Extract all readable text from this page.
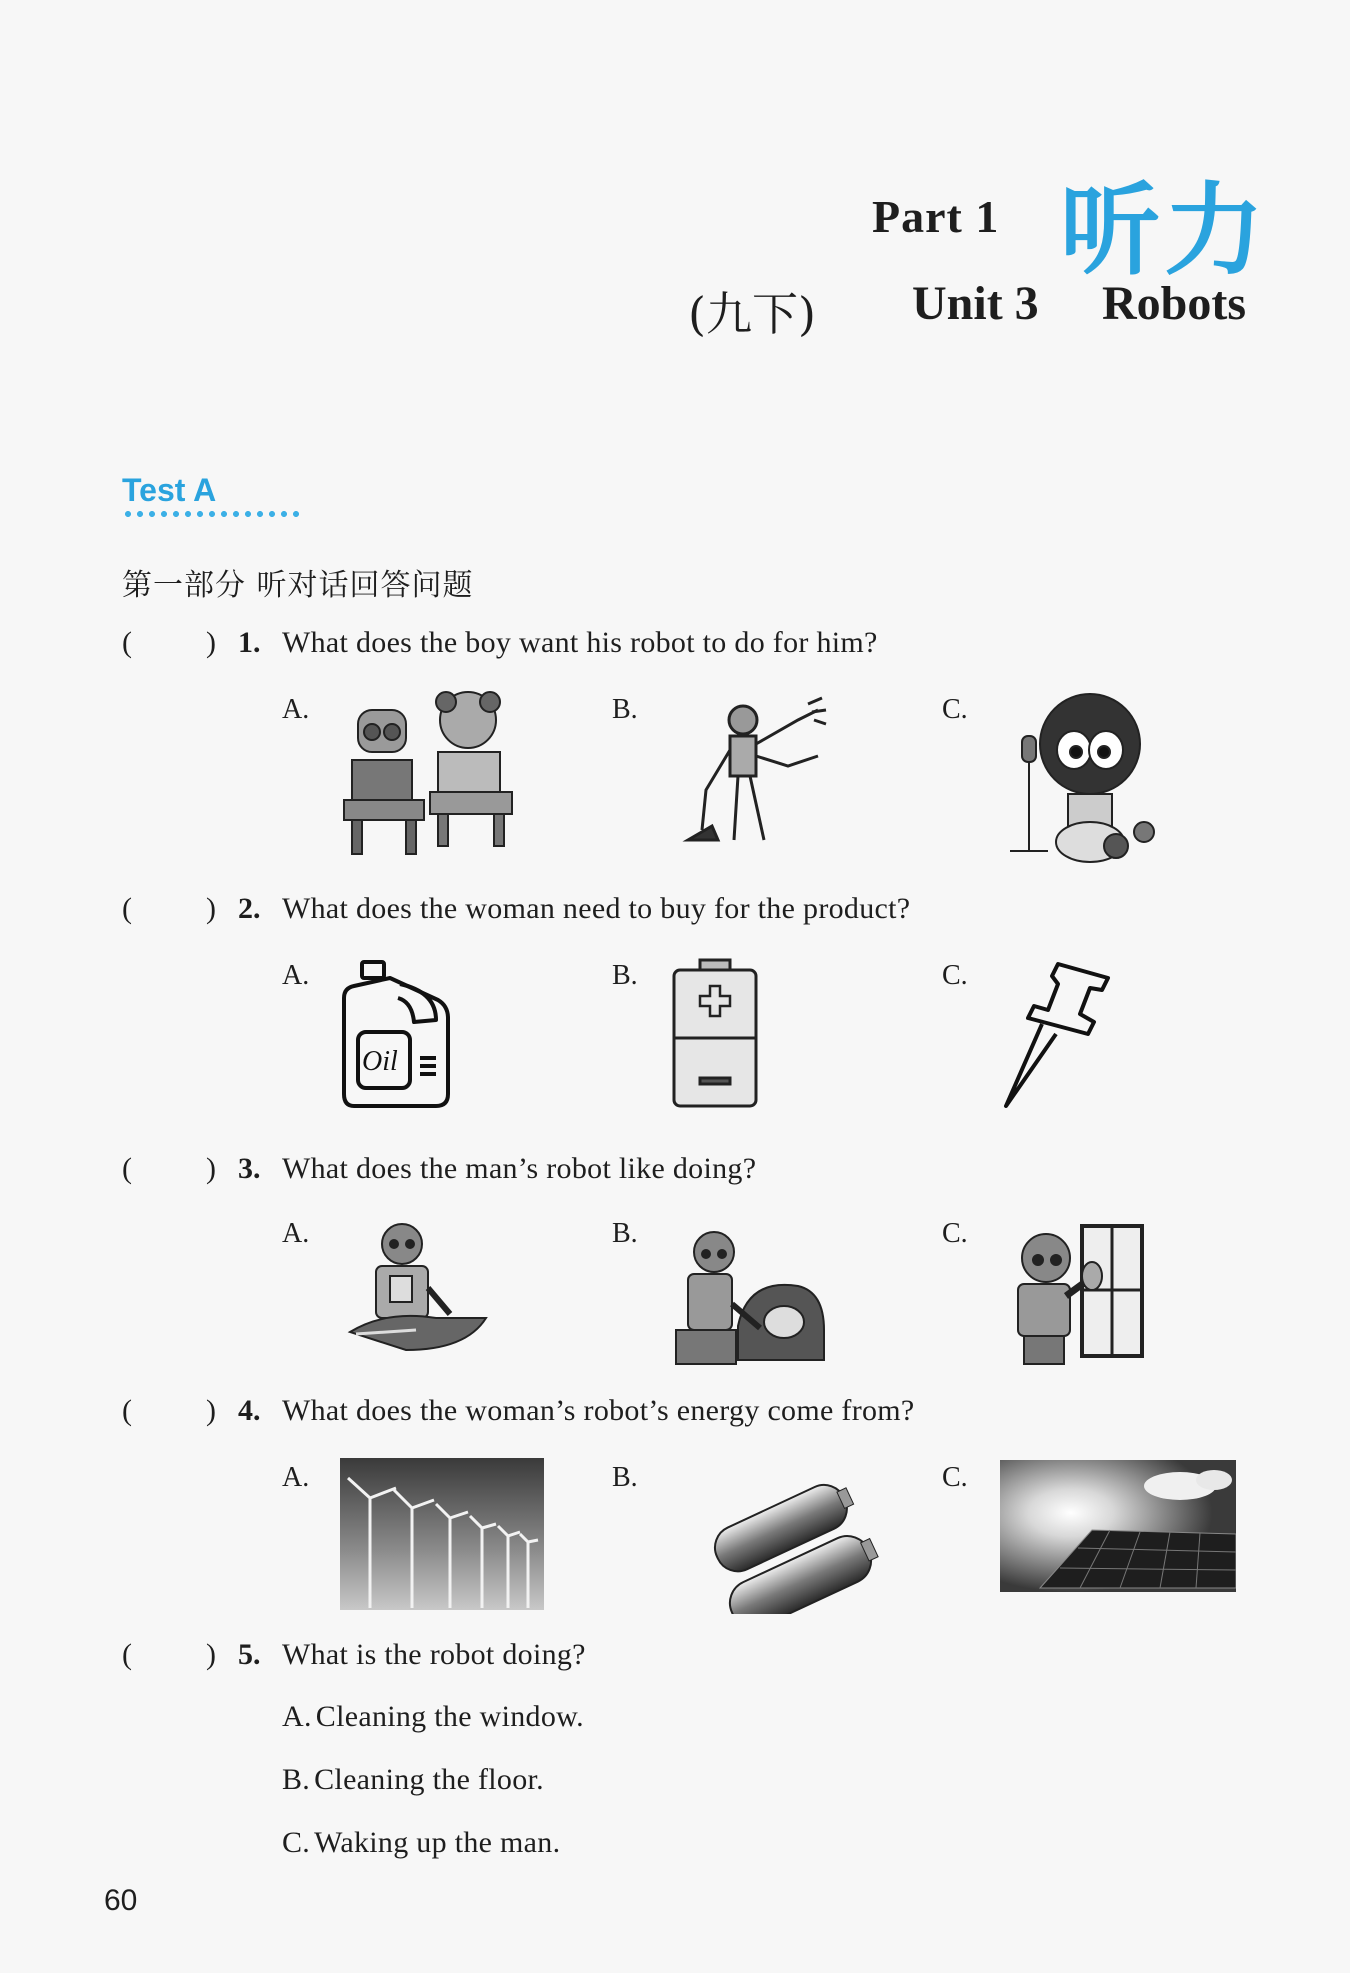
Part 1 听力
(九下) Unit 3 Robots
Test A
第一部分 听对话回答问题
( ) 1. What does the boy want his robot to do for him?
A.	B.	C.
( ) 2. What does the woman need to buy for the product?
A.	B.	C.
Oil
( ) 3. What does the man’s robot like doing?
A.	B.	C.
( ) 4. What does the woman’s robot’s energy come from?
A.	B.	C.
( ) 5. What is the robot doing?
A. Cleaning the window.
B. Cleaning the floor.
C. Waking up the man.
60
